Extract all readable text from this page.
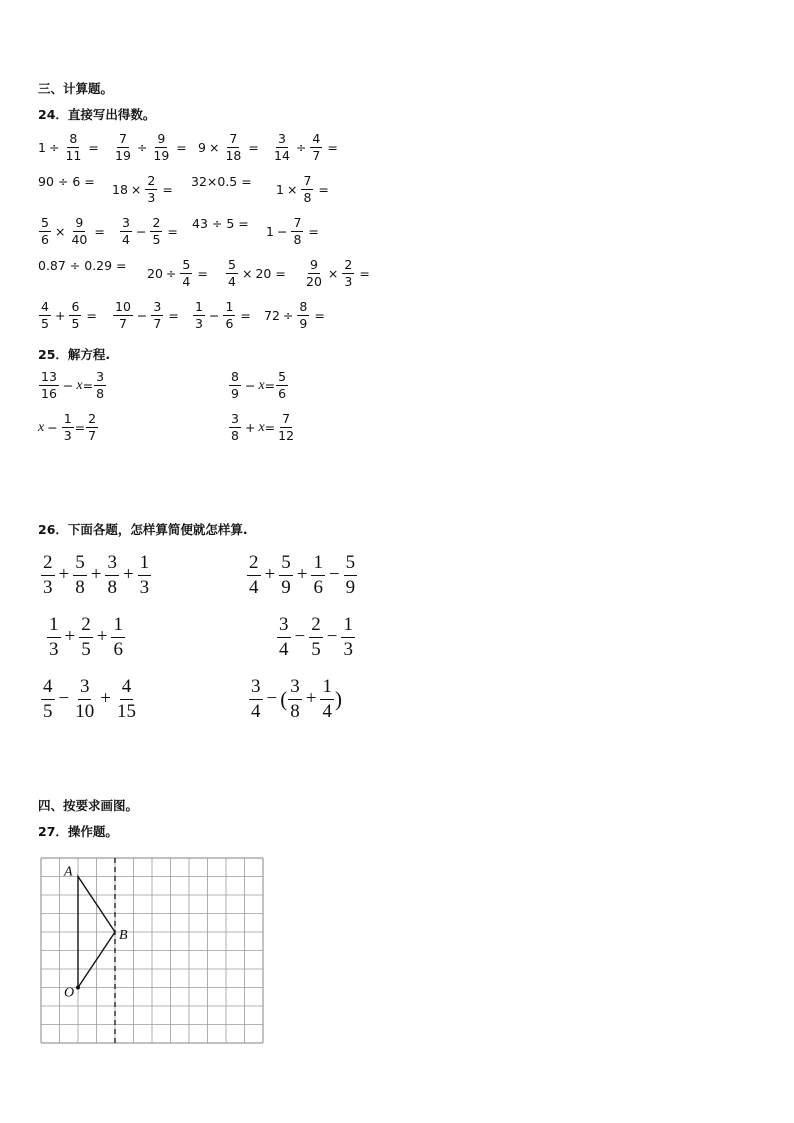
三、计算题。
24．直接写出得数。
25．解方程.
26．下面各题，怎样算简便就怎样算.
四、按要求画图。
27．操作题。
$1 \div \frac{8}{11} = \frac{7}{19} \div \frac{9}{19} = 9 \times \frac{7}{18} = \frac{3}{14} \div \frac{4}{7}$ =
90 ÷ 6 =
$18 \times \frac{2}{3}$ =
32×0.5 =
$1 \times \frac{7}{8}$ =
$\frac{5}{6} \times \frac{9}{40} = \frac{3}{4} - \frac{2}{5}$ =
43 ÷ 5 =
$1 - \frac{7}{8}$ =
0.87 ÷ 0.29 =
$20 \div \frac{5}{4} = \frac{5}{4} \times 20 = \frac{9}{20} \times \frac{2}{3}$ =
$\frac{4}{5} + \frac{6}{5} = \frac{10}{7} - \frac{3}{7} = \frac{1}{3} - \frac{1}{6} = 72 \div \frac{8}{9}$ =
$\frac{13}{16} - x = \frac{3}{8}$	$\frac{8}{9} - x = \frac{5}{6}$
$x - \frac{1}{3} = \frac{2}{7}$	$\frac{3}{8} + x = \frac{7}{12}$
$\frac{2}{3} + \frac{5}{8} + \frac{3}{8} + \frac{1}{3}$	$\frac{2}{4} + \frac{5}{9} + \frac{1}{6} - \frac{5}{9}$
$\frac{1}{3} + \frac{2}{5} + \frac{1}{6}$	$\frac{3}{4} - \frac{2}{5} - \frac{1}{3}$
$\frac{4}{5} - \frac{3}{10} + \frac{4}{15}$	$\frac{3}{4}$ − ( $\frac{3}{8} + \frac{1}{4}$ )
A
B
O
